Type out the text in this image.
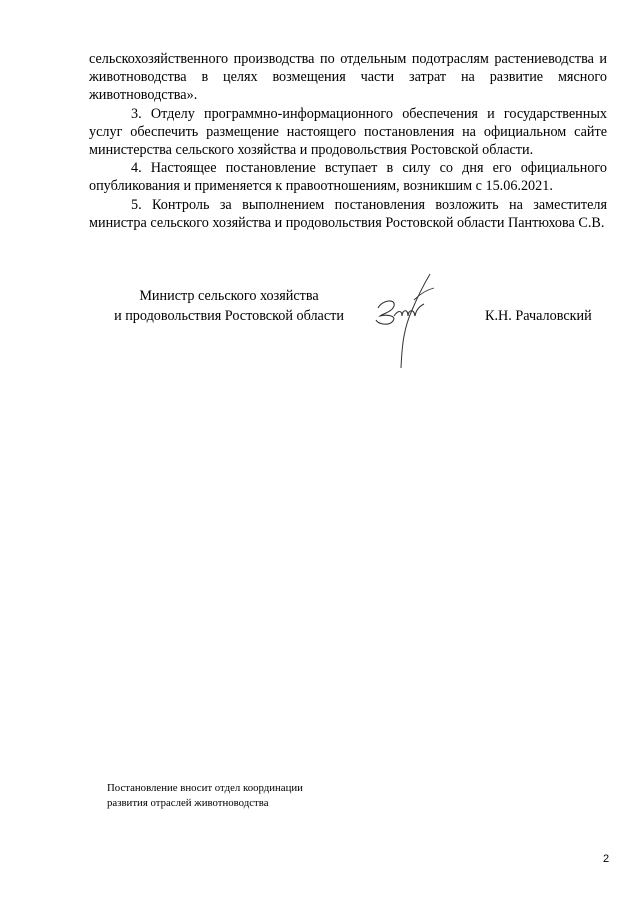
сельскохозяйственного производства по отдельным подотраслям растениеводства и животноводства в целях возмещения части затрат на развитие мясного животноводства».

3. Отделу программно-информационного обеспечения и государственных услуг обеспечить размещение настоящего постановления на официальном сайте министерства сельского хозяйства и продовольствия Ростовской области.

4. Настоящее постановление вступает в силу со дня его официального опубликования и применяется к правоотношениям, возникшим с 15.06.2021.

5. Контроль за выполнением постановления возложить на заместителя министра сельского хозяйства и продовольствия Ростовской области Пантюхова С.В.

Министр сельского хозяйства
и продовольствия Ростовской области	К.Н. Рачаловский
Постановление вносит отдел координации
развития отраслей животноводства
2
